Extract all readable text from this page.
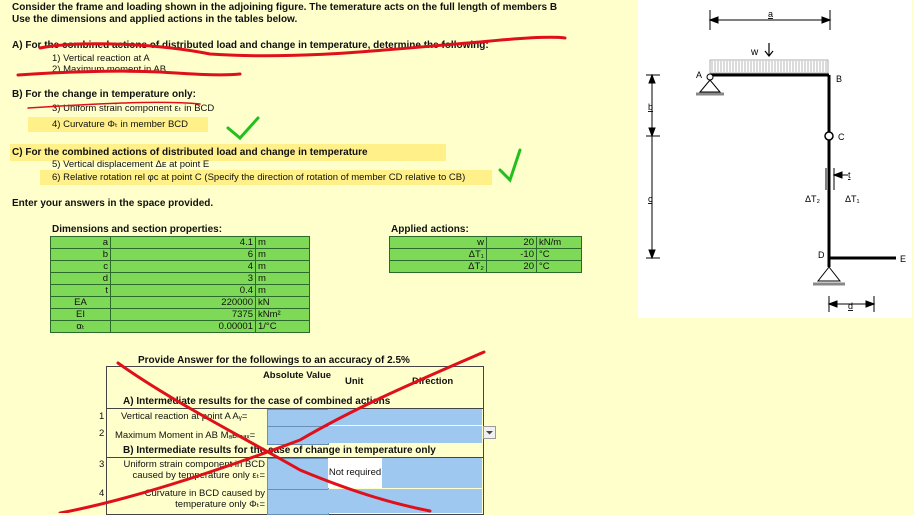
Consider the frame and loading shown in the adjoining figure. The temerature acts on the full length of members B
Use the dimensions and applied actions in the tables below.
A) For the combined actions of distributed load and change in temperature, determine the following:
1) Vertical reaction at A
2) Maximum moment in AB
B) For the change in temperature only:
3) Uniform strain component εₜ in BCD
4) Curvature Φₜ in member BCD
C) For the combined actions of distributed load and change in temperature
5) Vertical displacement Δᴇ at point E
6) Relative rotation rel φᴄ at point C (Specify the direction of rotation of member CD relative to CB)
Enter your answers in the space provided.
Dimensions and section properties:
a	4.1	m
b	6	m
c	4	m
d	3	m
t	0.4	m
EA	220000	kN
EI	7375	kNm²
αₜ	0.00001	1/°C
Applied actions:
w	20	kN/m
ΔT₁	-10	°C
ΔT₂	20	°C
Provide Answer for the followings to an accuracy of 2.5%
Absolute Value
Unit	Direction
A) Intermediate results for the case of combined actions
1 Vertical reaction at point A Aᵧ=
2 Maximum Moment in AB Mₐʙₘₐₓ=
B) Intermediate results for the case of change in temperature only
3	Uniform strain component in BCD caused by temperature only εₜ=	Not required
4	Curvature in BCD caused by temperature only Φₜ=
a
w
A	B
C
D	E
b
c
t
ΔT₂	ΔT₁
d
